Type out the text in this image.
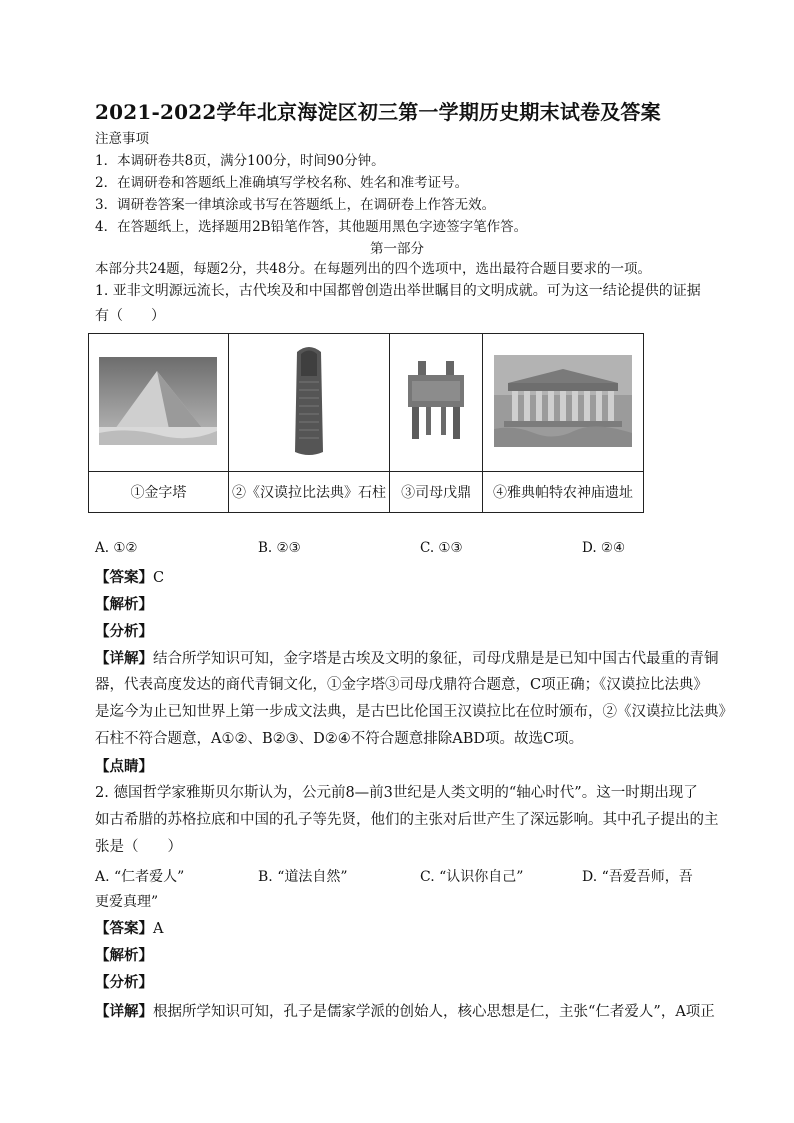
2021-2022学年北京海淀区初三第一学期历史期末试卷及答案
注意事项
1．本调研卷共8页，满分100分，时间90分钟。
2．在调研卷和答题纸上准确填写学校名称、姓名和准考证号。
3．调研卷答案一律填涂或书写在答题纸上，在调研卷上作答无效。
4．在答题纸上，选择题用2B铅笔作答，其他题用黑色字迹签字笔作答。
第一部分
本部分共24题，每题2分，共48分。在每题列出的四个选项中，选出最符合题目要求的一项。
1. 亚非文明源远流长，古代埃及和中国都曾创造出举世瞩目的文明成就。可为这一结论提供的证据
有（　　）

①金字塔	②《汉谟拉比法典》石柱	③司母戊鼎	④雅典帕特农神庙遗址
A. ①②	B. ②③	C. ①③	D. ②④
【答案】C
【解析】
【分析】
【详解】结合所学知识可知，金字塔是古埃及文明的象征，司母戊鼎是是已知中国古代最重的青铜
器，代表高度发达的商代青铜文化，①金字塔③司母戊鼎符合题意，C项正确；《汉谟拉比法典》
是迄今为止已知世界上第一步成文法典，是古巴比伦国王汉谟拉比在位时颁布，②《汉谟拉比法典》
石柱不符合题意，A①②、B②③、D②④不符合题意排除ABD项。故选C项。
【点睛】
2. 德国哲学家雅斯贝尔斯认为，公元前8—前3世纪是人类文明的“轴心时代”。这一时期出现了
如古希腊的苏格拉底和中国的孔子等先贤，他们的主张对后世产生了深远影响。其中孔子提出的主
张是（　　）
A. “仁者爱人”	B. “道法自然”	C. “认识你自己”	D. “吾爱吾师，吾
更爱真理”
【答案】A
【解析】
【分析】
【详解】根据所学知识可知，孔子是儒家学派的创始人，核心思想是仁，主张“仁者爱人”，A项正
